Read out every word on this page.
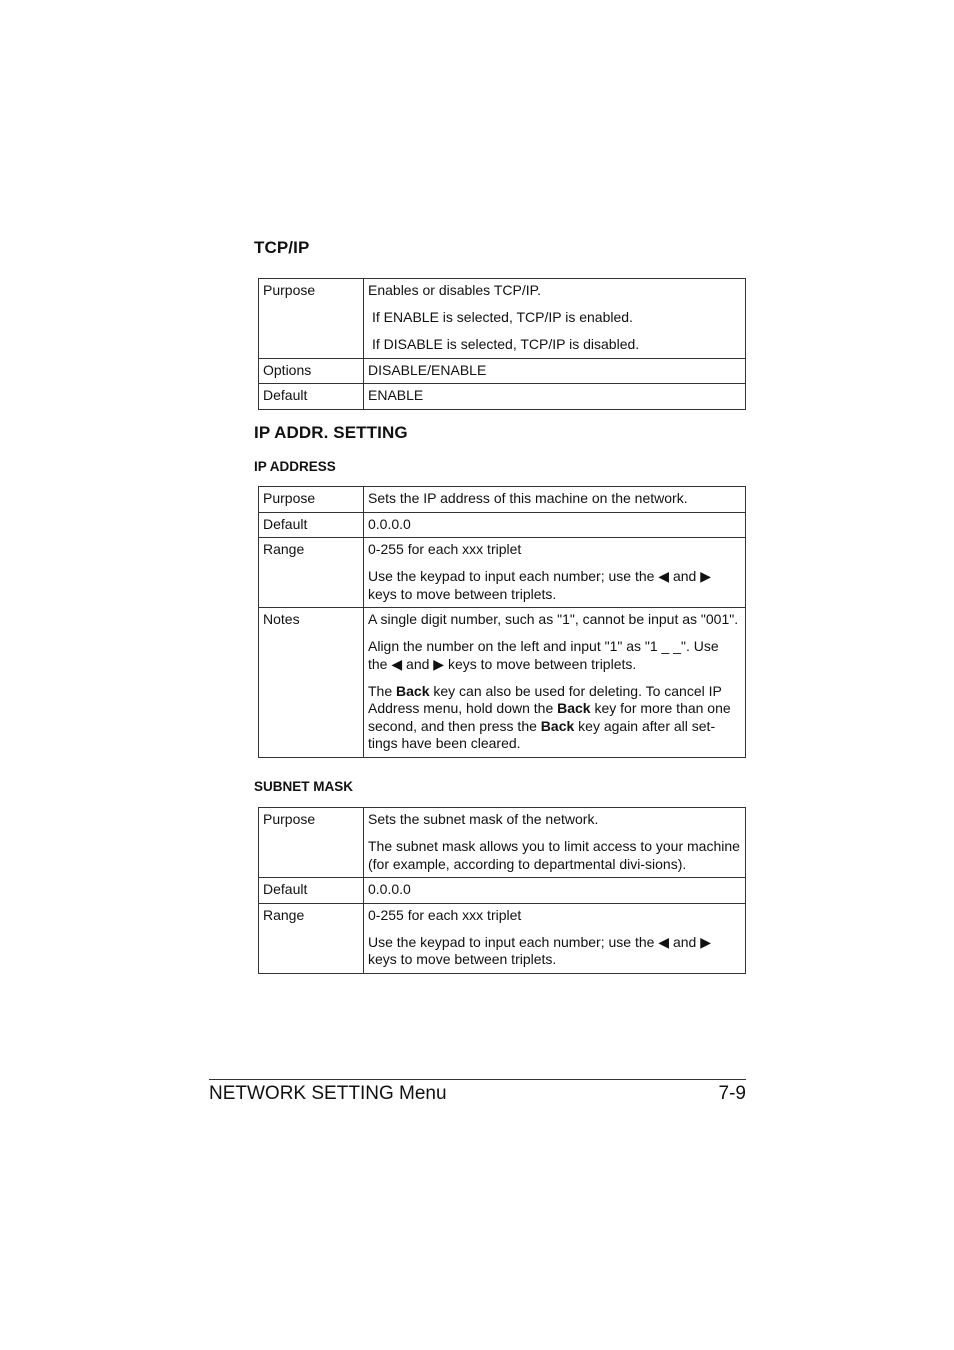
TCP/IP
Purpose	Enables or disables TCP/IP.

If ENABLE is selected, TCP/IP is enabled.

If DISABLE is selected, TCP/IP is disabled.

Options	DISABLE/ENABLE
Default	ENABLE
IP ADDR. SETTING
IP ADDRESS
Purpose	Sets the IP address of this machine on the network.
Default	0.0.0.0
Range	0-255 for each xxx triplet

Use the keypad to input each number; use the ◀ and ▶ keys to move between triplets.

Notes	A single digit number, such as "1", cannot be input as "001".

Align the number on the left and input "1" as "1 _ _". Use the ◀ and ▶ keys to move between triplets.

The Back key can also be used for deleting. To cancel IP Address menu, hold down the Back key for more than one second, and then press the Back key again after all set-tings have been cleared.

SUBNET MASK
Purpose	Sets the subnet mask of the network.

The subnet mask allows you to limit access to your machine (for example, according to departmental divi-sions).

Default	0.0.0.0
Range	0-255 for each xxx triplet

Use the keypad to input each number; use the ◀ and ▶ keys to move between triplets.

NETWORK SETTING Menu	7-9
